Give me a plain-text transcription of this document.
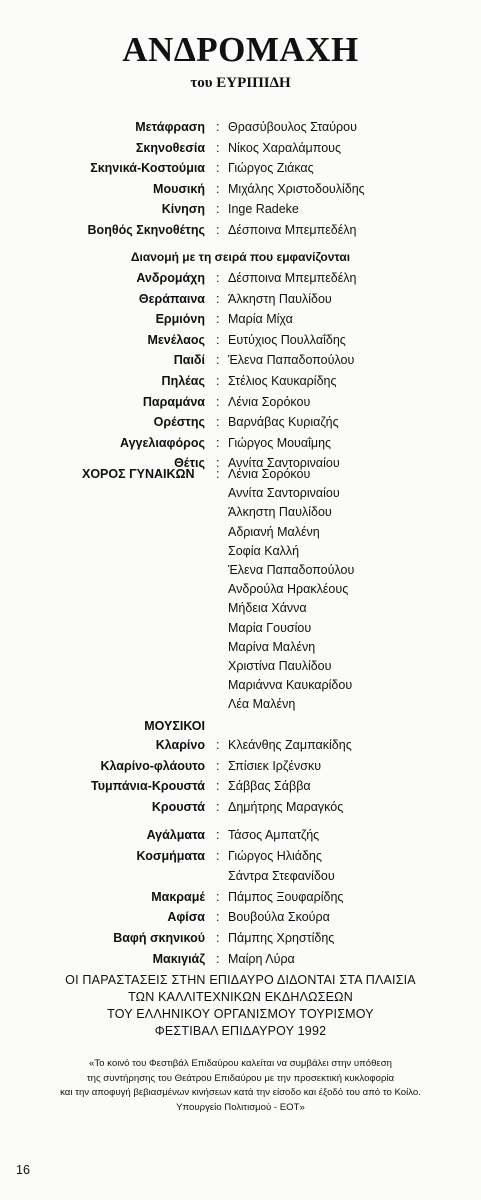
ΑΝΔΡΟΜΑΧΗ
του ΕΥΡΙΠΙΔΗ
Μετάφραση : Θρασύβουλος Σταύρου
Σκηνοθεσία : Νίκος Χαραλάμπους
Σκηνικά-Κοστούμια : Γιώργος Ζιάκας
Μουσική : Μιχάλης Χριστοδουλίδης
Κίνηση : Inge Radeke
Βοηθός Σκηνοθέτης : Δέσποινα Μπεμπεδέλη
Διανομή με τη σειρά που εμφανίζονται
Ανδρομάχη : Δέσποινα Μπεμπεδέλη
Θεράπαινα : Άλκηστη Παυλίδου
Ερμιόνη : Μαρία Μίχα
Μενέλαος : Ευτύχιος Πουλλαΐδης
Παιδί : Έλενα Παπαδοπούλου
Πηλέας : Στέλιος Καυκαρίδης
Παραμάνα : Λένια Σορόκου
Ορέστης : Βαρνάβας Κυριαζής
Αγγελιαφόρος : Γιώργος Μουαΐμης
Θέτις : Αννίτα Σαντοριναίου
ΧΟΡΟΣ ΓΥΝΑΙΚΩΝ : Λένια Σορόκου
Αννίτα Σαντοριναίου
Άλκηστη Παυλίδου
Αδριανή Μαλένη
Σοφία Καλλή
Έλενα Παπαδοπούλου
Ανδρούλα Ηρακλέους
Μήδεια Χάννα
Μαρία Γουσίου
Μαρίνα Μαλένη
Χριστίνα Παυλίδου
Μαριάννα Καυκαρίδου
Λέα Μαλένη
ΜΟΥΣΙΚΟΙ
Κλαρίνο : Κλεάνθης Ζαμπακίδης
Κλαρίνο-φλάουτο : Σπίσιεκ Ιρζένσκυ
Τυμπάνια-Κρουστά : Σάββας Σάββα
Κρουστά : Δημήτρης Μαραγκός
Αγάλματα : Τάσος Αμπατζής
Κοσμήματα : Γιώργος Ηλιάδης
Σάντρα Στεφανίδου
Μακραμέ : Πάμπος Ξουφαρίδης
Αφίσα : Βουβούλα Σκούρα
Βαφή σκηνικού : Πάμπης Χρηστίδης
Μακιγιάζ : Μαίρη Λύρα
ΟΙ ΠΑΡΑΣΤΑΣΕΙΣ ΣΤΗΝ ΕΠΙΔΑΥΡΟ ΔΙΔΟΝΤΑΙ ΣΤΑ ΠΛΑΙΣΙΑ
ΤΩΝ ΚΑΛΛΙΤΕΧΝΙΚΩΝ ΕΚΔΗΛΩΣΕΩΝ
ΤΟΥ ΕΛΛΗΝΙΚΟΥ ΟΡΓΑΝΙΣΜΟΥ ΤΟΥΡΙΣΜΟΥ
ΦΕΣΤΙΒΑΛ ΕΠΙΔΑΥΡΟΥ 1992
«Το κοινό του Φεστιβάλ Επιδαύρου καλείται να συμβάλει στην υπόθεση
της συντήρησης του Θεάτρου Επιδαύρου με την προσεκτική κυκλοφορία
και την αποφυγή βεβιασμένων κινήσεων κατά την είσοδο και έξοδό του από το Κοίλο.
Υπουργείο Πολιτισμού - ΕΟΤ»
16
